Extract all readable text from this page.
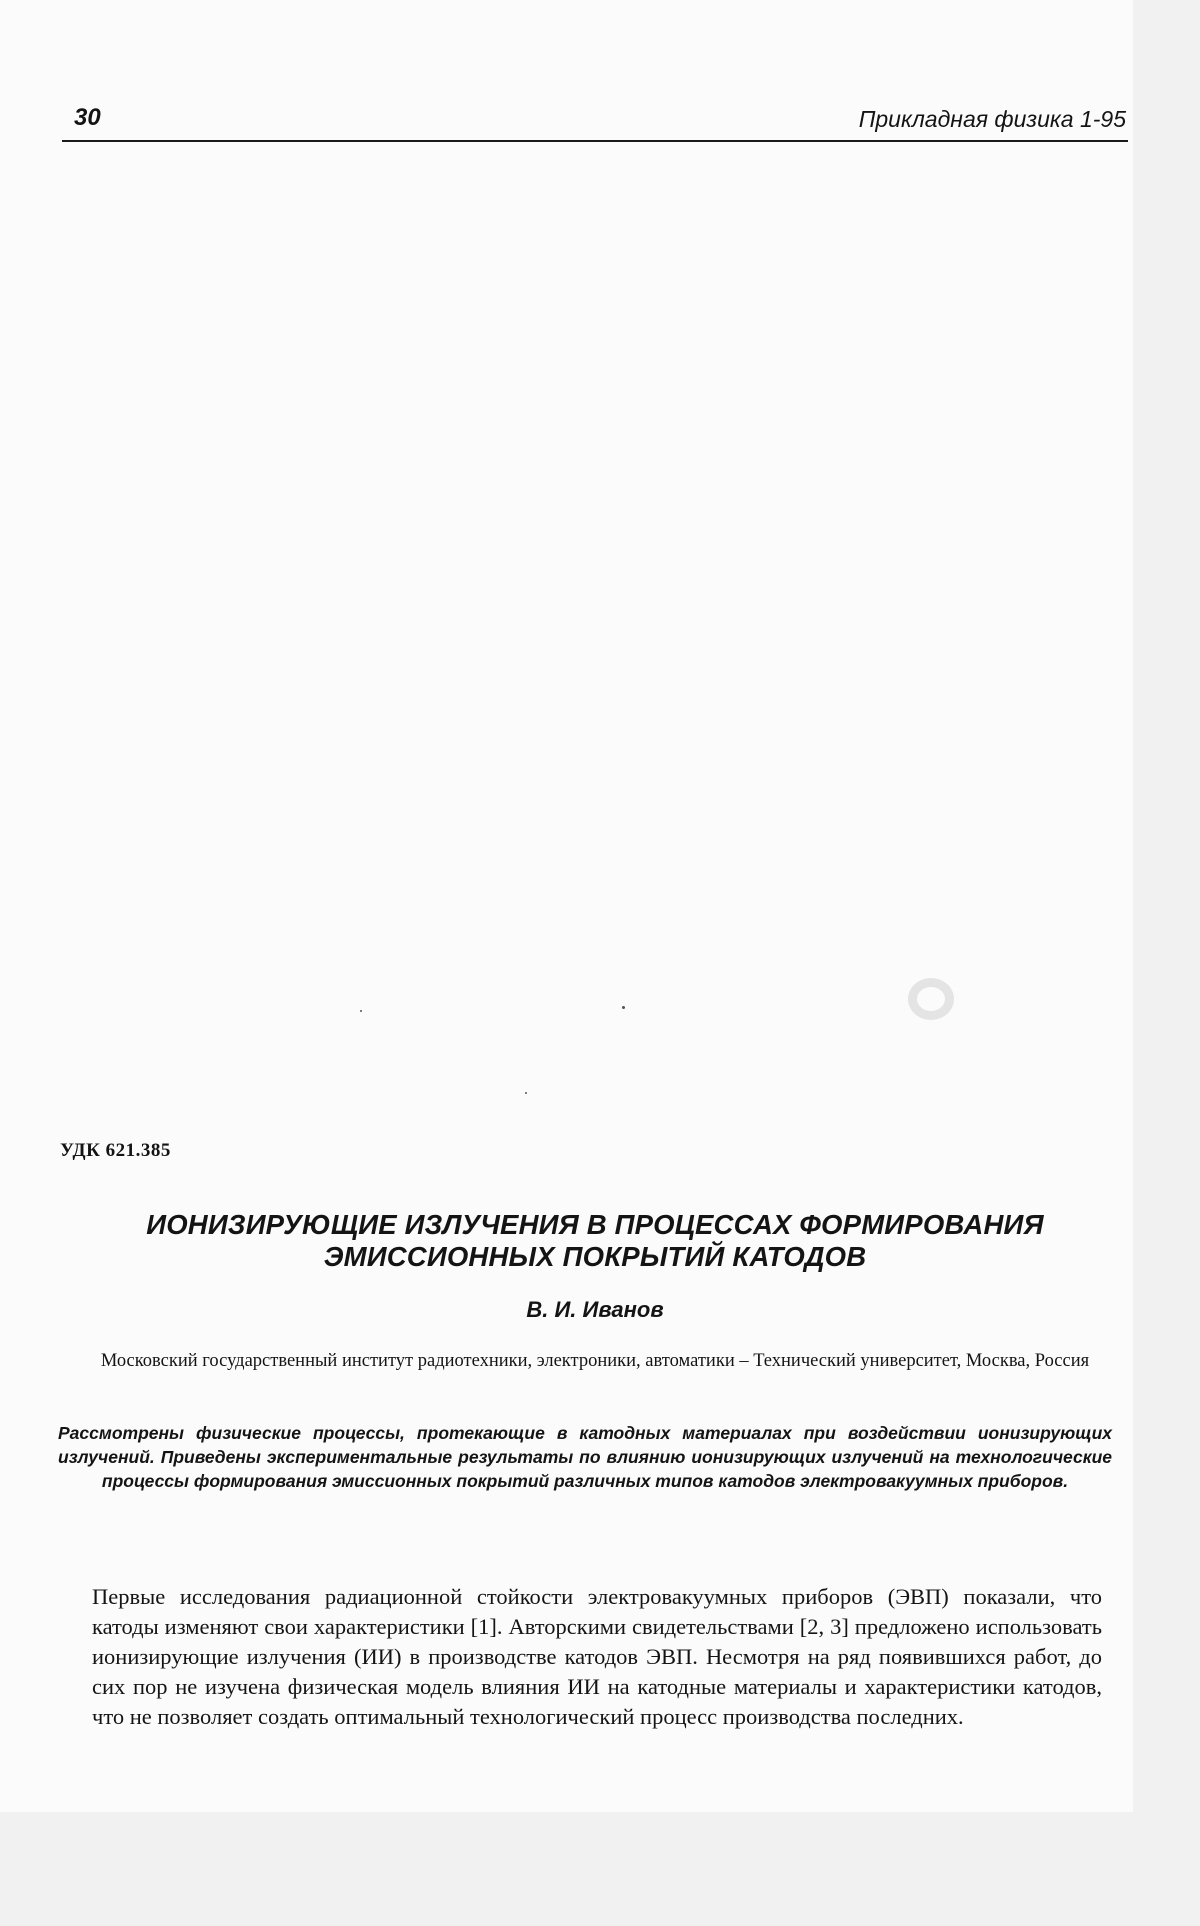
30	Прикладная физика 1-95
УДК 621.385
ИОНИЗИРУЮЩИЕ ИЗЛУЧЕНИЯ В ПРОЦЕССАХ ФОРМИРОВАНИЯ ЭМИССИОННЫХ ПОКРЫТИЙ КАТОДОВ
В. И. Иванов
Московский государственный институт радиотехники, электроники, автоматики – Технический университет, Москва, Россия
Рассмотрены физические процессы, протекающие в катодных материалах при воздействии ионизирующих излучений. Приведены экспериментальные результаты по влиянию ионизирующих излучений на технологические процессы формирования эмиссионных покрытий различных типов катодов электровакуумных приборов.
Первые исследования радиационной стойкости электровакуумных приборов (ЭВП) показали, что катоды изменяют свои характеристики [1]. Авторскими свидетельствами [2, 3] предложено использовать ионизирующие излучения (ИИ) в производстве катодов ЭВП. Несмотря на ряд появившихся работ, до сих пор не изучена физическая модель влияния ИИ на катодные материалы и характеристики катодов, что не позволяет создать оптимальный технологический процесс производства последних.
